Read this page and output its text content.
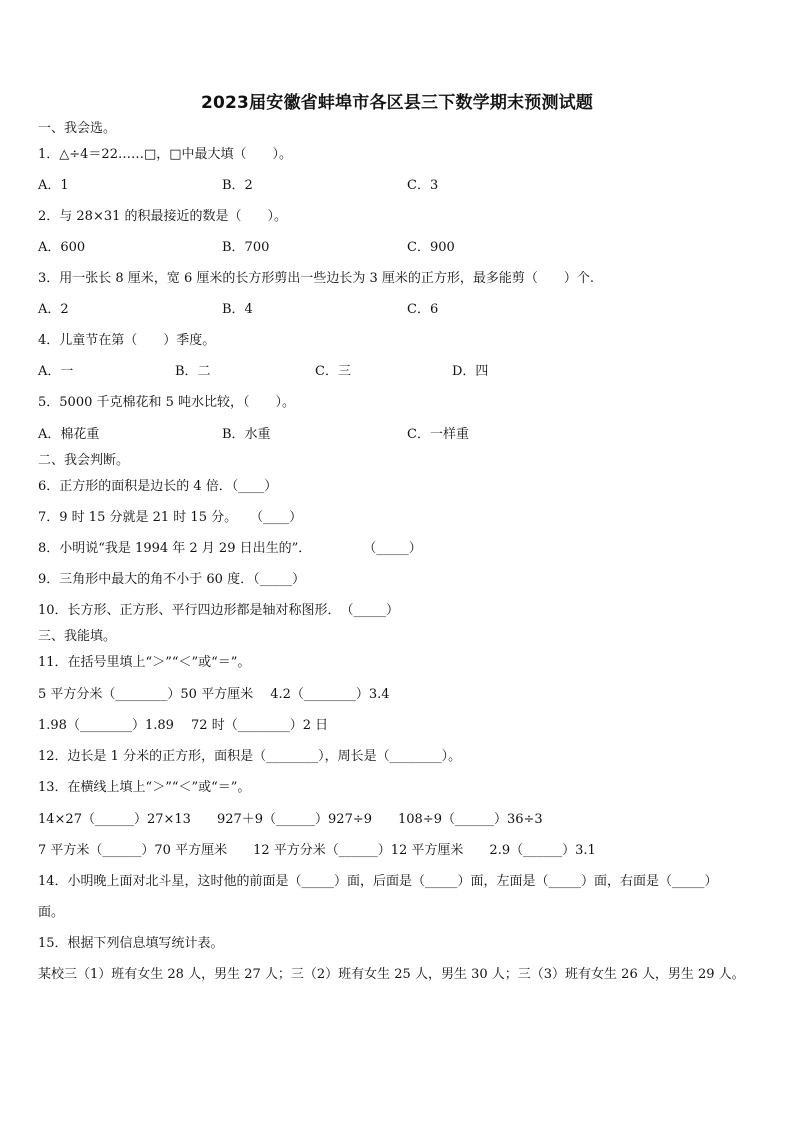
2023届安徽省蚌埠市各区县三下数学期末预测试题
一、我会选。
1．△÷4＝22……□，□中最大填（　　）。
A．1	B．2	C．3
2．与 28×31 的积最接近的数是（　　）。
A．600	B．700	C．900
3．用一张长 8 厘米，宽 6 厘米的长方形剪出一些边长为 3 厘米的正方形，最多能剪（　　）个.
A．2	B．4	C．6
4．儿童节在第（　　）季度。
A．一	B．二	C．三	D．四
5．5000 千克棉花和 5 吨水比较，（　　）。
A．棉花重	B．水重	C．一样重
二、我会判断。
6．正方形的面积是边长的 4 倍．（____）
7．9 时 15 分就是 21 时 15 分。　　（____）
8．小明说“我是 1994 年 2 月 29 日出生的”．　　　　　（_____）
9．三角形中最大的角不小于 60 度．（_____）
10．长方形、正方形、平行四边形都是轴对称图形．　（_____）
三、我能填。
11．在括号里填上“＞”“＜”或“＝”。
5 平方分米（________）50 平方厘米　 4.2（________）3.4
1.98（________）1.89　 72 时（________）2 日
12．边长是 1 分米的正方形，面积是（________），周长是（________）。
13．在横线上填上“＞”“＜”或“＝”。
14×27（______）27×13　　927＋9（______）927÷9　　108÷9（______）36÷3
7 平方米（______）70 平方厘米　　12 平方分米（______）12 平方厘米　　2.9（______）3.1
14．小明晚上面对北斗星，这时他的前面是（_____）面，后面是（_____）面，左面是（_____）面，右面是（_____）
面。
15．根据下列信息填写统计表。
某校三（1）班有女生 28 人，男生 27 人；三（2）班有女生 25 人，男生 30 人；三（3）班有女生 26 人，男生 29 人。
